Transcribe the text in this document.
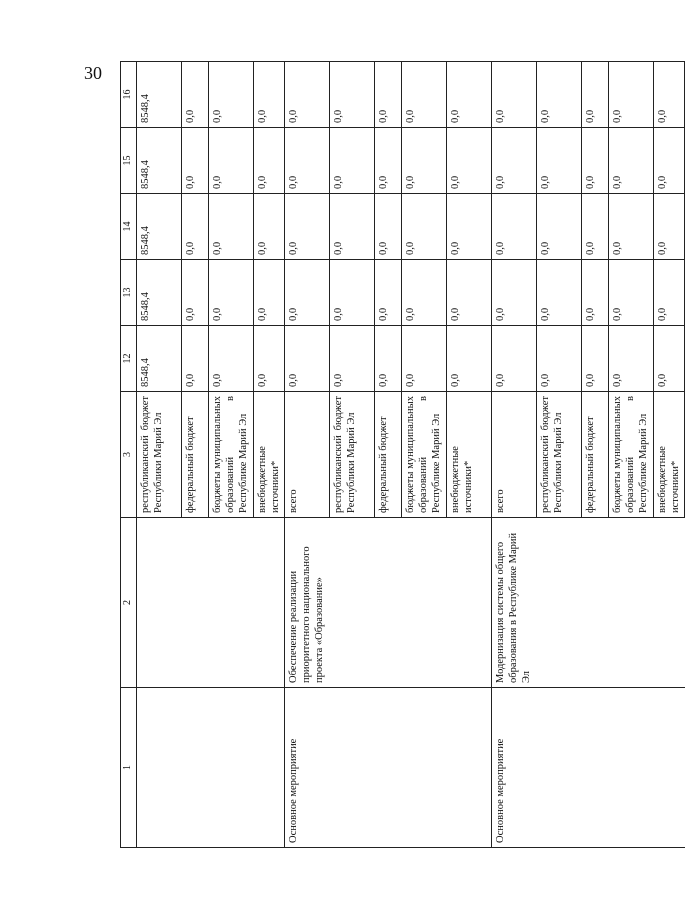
30
1	2	3	12	13	14	15	16
		республиканский бюджет Республики Марий Эл	8548,4	8548,4	8548,4	8548,4	8548,4
		федеральный бюджет	0,0	0,0	0,0	0,0	0,0
		бюджеты муниципальных образований в Республике Марий Эл	0,0	0,0	0,0	0,0	0,0
		внебюджетные источники*	0,0	0,0	0,0	0,0	0,0
Основное мероприятие	Обеспечение реализации приоритетного национального проекта «Образование»	всего	0,0	0,0	0,0	0,0	0,0
		республиканский бюджет Республики Марий Эл	0,0	0,0	0,0	0,0	0,0
		федеральный бюджет	0,0	0,0	0,0	0,0	0,0
		бюджеты муниципальных образований в Республике Марий Эл	0,0	0,0	0,0	0,0	0,0
		внебюджетные источники*	0,0	0,0	0,0	0,0	0,0
Основное мероприятие	Модернизация системы общего образования в Республике Марий Эл	всего	0,0	0,0	0,0	0,0	0,0
		республиканский бюджет Республики Марий Эл	0,0	0,0	0,0	0,0	0,0
		федеральный бюджет	0,0	0,0	0,0	0,0	0,0
		бюджеты муниципальных образований в Республике Марий Эл	0,0	0,0	0,0	0,0	0,0
		внебюджетные источники*	0,0	0,0	0,0	0,0	0,0
